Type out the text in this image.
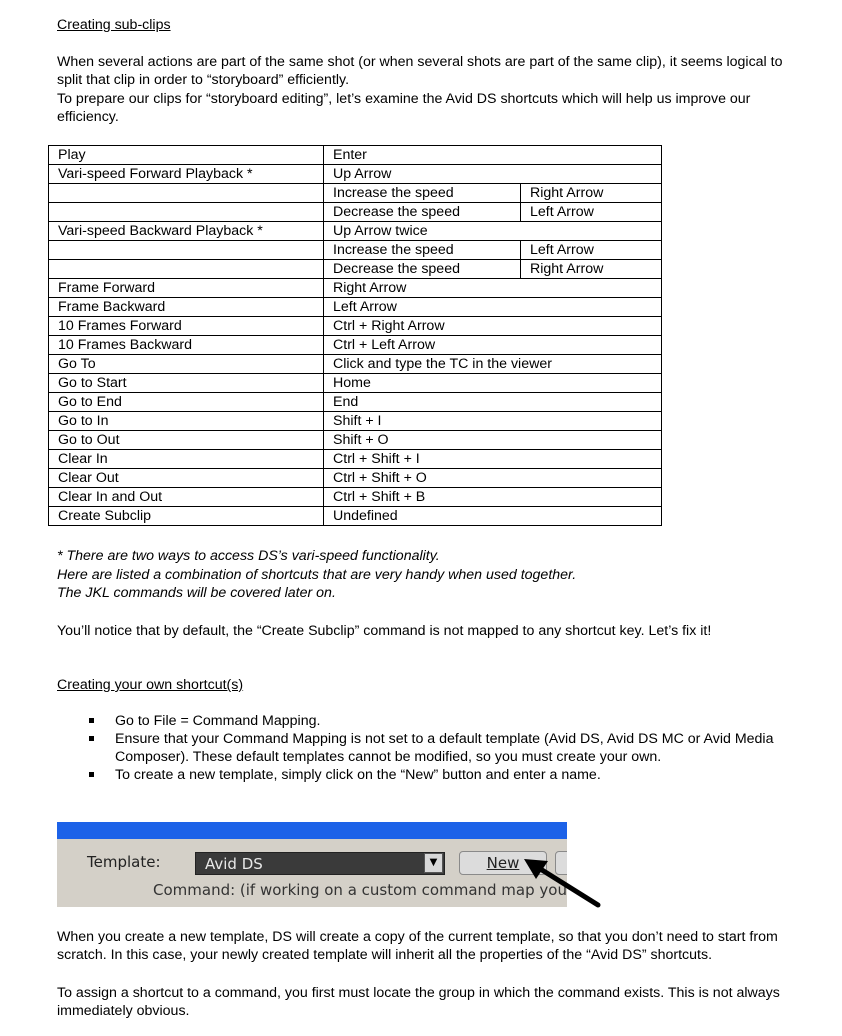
Creating sub-clips

When several actions are part of the same shot (or when several shots are part of the same clip), it seems logical to split that clip in order to “storyboard” efficiently.

To prepare our clips for “storyboard editing”, let’s examine the Avid DS shortcuts which will help us improve our efficiency.

Play	Enter	
Vari-speed Forward Playback *	Up Arrow	
	Increase the speed	Right Arrow
	Decrease the speed	Left Arrow
Vari-speed Backward Playback *	Up Arrow twice	
	Increase the speed	Left Arrow
	Decrease the speed	Right Arrow
Frame Forward	Right Arrow	
Frame Backward	Left Arrow	
10 Frames Forward	Ctrl + Right Arrow	
10 Frames Backward	Ctrl + Left Arrow	
Go To	Click and type the TC in the viewer	
Go to Start	Home	
Go to End	End	
Go to In	Shift + I	
Go to Out	Shift + O	
Clear In	Ctrl + Shift + I	
Clear Out	Ctrl + Shift + O	
Clear In and Out	Ctrl + Shift + B	
Create Subclip	Undefined	

* There are two ways to access DS’s vari-speed functionality.

Here are listed a combination of shortcuts that are very handy when used together.

The JKL commands will be covered later on.

You’ll notice that by default, the “Create Subclip” command is not mapped to any shortcut key. Let’s fix it!

Creating your own shortcut(s)

Go to File = Command Mapping.
Ensure that your Command Mapping is not set to a default template (Avid DS, Avid DS MC or Avid Media Composer). These default templates cannot be modified, so you must create your own.
To create a new template, simply click on the “New” button and enter a name.
Template:	Avid DS	▼	New
Command: (if working on a custom command map you

When you create a new template, DS will create a copy of the current template, so that you don’t need to start from scratch. In this case, your newly created template will inherit all the properties of the “Avid DS” shortcuts.

To assign a shortcut to a command, you first must locate the group in which the command exists. This is not always immediately obvious.
